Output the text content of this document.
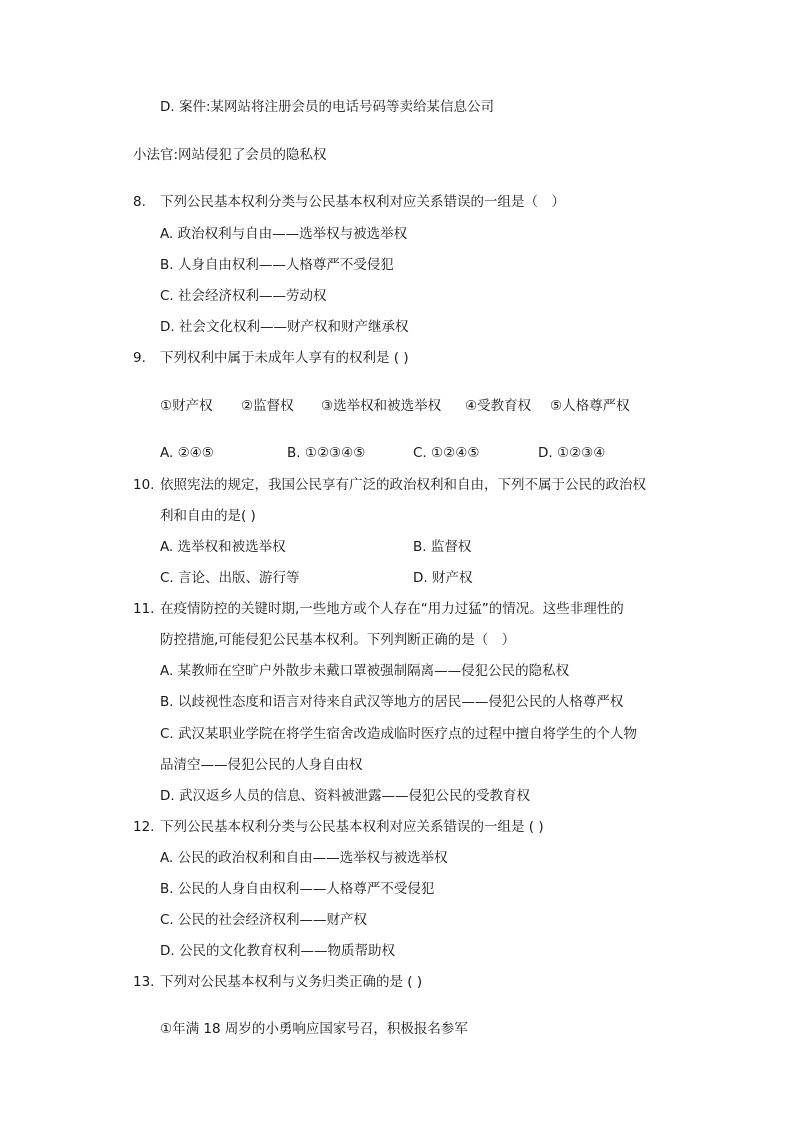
D. 案件:某网站将注册会员的电话号码等卖给某信息公司
小法官:网站侵犯了会员的隐私权
8. 下列公民基本权利分类与公民基本权利对应关系错误的一组是（　）
A. 政治权利与自由——选举权与被选举权
B. 人身自由权利——人格尊严不受侵犯
C. 社会经济权利——劳动权
D. 社会文化权利——财产权和财产继承权
9. 下列权利中属于未成年人享有的权利是 ( )
①财产权 ②监督权 ③选举权和被选举权 ④受教育权 ⑤人格尊严权
A. ②④⑤	B. ①②③④⑤	C. ①②④⑤	D. ①②③④
10. 依照宪法的规定，我国公民享有广泛的政治权利和自由，下列不属于公民的政治权
利和自由的是( )
A. 选举权和被选举权	B. 监督权
C. 言论、出版、游行等	D. 财产权
11. 在疫情防控的关键时期,一些地方或个人存在“用力过猛”的情况。这些非理性的
防控措施,可能侵犯公民基本权利。下列判断正确的是（　）
A. 某教师在空旷户外散步未戴口罩被强制隔离——侵犯公民的隐私权
B. 以歧视性态度和语言对待来自武汉等地方的居民——侵犯公民的人格尊严权
C. 武汉某职业学院在将学生宿舍改造成临时医疗点的过程中擅自将学生的个人物
品清空——侵犯公民的人身自由权
D. 武汉返乡人员的信息、资料被泄露——侵犯公民的受教育权
12. 下列公民基本权利分类与公民基本权利对应关系错误的一组是 ( )
A. 公民的政治权利和自由——选举权与被选举权
B. 公民的人身自由权利——人格尊严不受侵犯
C. 公民的社会经济权利——财产权
D. 公民的文化教育权利——物质帮助权
13. 下列对公民基本权利与义务归类正确的是 ( )
①年满 18 周岁的小勇响应国家号召，积极报名参军
